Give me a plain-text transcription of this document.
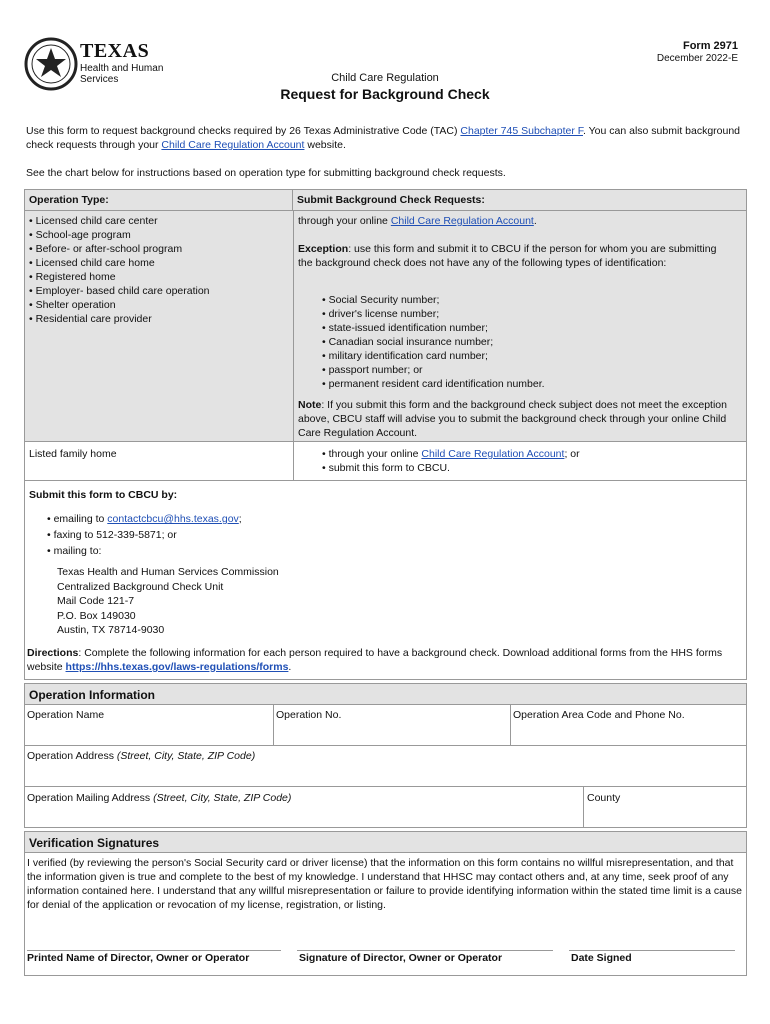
TEXAS
Health and Human Services
Form 2971
December 2022-E
Child Care Regulation
Request for Background Check
Use this form to request background checks required by 26 Texas Administrative Code (TAC) Chapter 745 Subchapter F. You can also submit background check requests through your Child Care Regulation Account website.
See the chart below for instructions based on operation type for submitting background check requests.
Operation Type:	Submit Background Check Requests:
• Licensed child care center
• School-age program
• Before- or after-school program
• Licensed child care home
• Registered home
• Employer- based child care operation
• Shelter operation
• Residential care provider
through your online Child Care Regulation Account.
Exception: use this form and submit it to CBCU if the person for whom you are submitting the background check does not have any of the following types of identification:
• Social Security number;
• driver's license number;
• state-issued identification number;
• Canadian social insurance number;
• military identification card number;
• passport number; or
• permanent resident card identification number.
Note: If you submit this form and the background check subject does not meet the exception above, CBCU staff will advise you to submit the background check through your online Child Care Regulation Account.
Listed family home
•	through your online Child Care Regulation Account; or
• submit this form to CBCU.
Submit this form to CBCU by:
• emailing to contactcbcu@hhs.texas.gov;
• faxing to 512-339-5871; or
• mailing to:
Texas Health and Human Services Commission
Centralized Background Check Unit
Mail Code 121-7
P.O. Box 149030
Austin, TX 78714-9030
Directions: Complete the following information for each person required to have a background check. Download additional forms from the HHS forms website https://hhs.texas.gov/laws-regulations/forms.
Operation Information
Operation Name	Operation No.	Operation Area Code and Phone No.
Operation Address (Street, City, State, ZIP Code)
Operation Mailing Address (Street, City, State, ZIP Code)	County
Verification Signatures
I verified (by reviewing the person's Social Security card or driver license) that the information on this form contains no willful misrepresentation, and that the information given is true and complete to the best of my knowledge. I understand that HHSC may contact others and, at any time, seek proof of any information contained here. I understand that any willful misrepresentation or failure to provide identifying information within the stated time limit is a cause for denial of the application or revocation of my license, registration, or listing.
Printed Name of Director, Owner or Operator	Signature of Director, Owner or Operator	Date Signed
